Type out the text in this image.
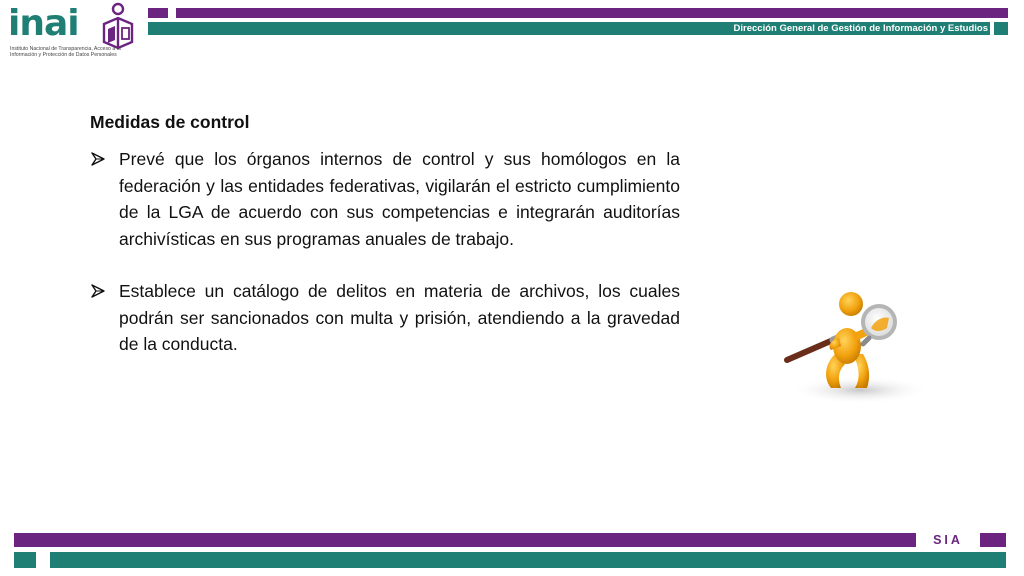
inai
Instituto Nacional de Transparencia, Acceso a la Información y Protección de Datos Personales
Dirección General de Gestión de Información y Estudios
Medidas de control
Prevé que los órganos internos de control y sus homólogos en la federación y las entidades federativas, vigilarán el estricto cumplimiento de la LGA de acuerdo con sus competencias e integrarán auditorías archivísticas en sus programas anuales de trabajo.
Establece un catálogo de delitos en materia de archivos, los cuales podrán ser sancionados con multa y prisión, atendiendo a la gravedad de la conducta.
SIA
